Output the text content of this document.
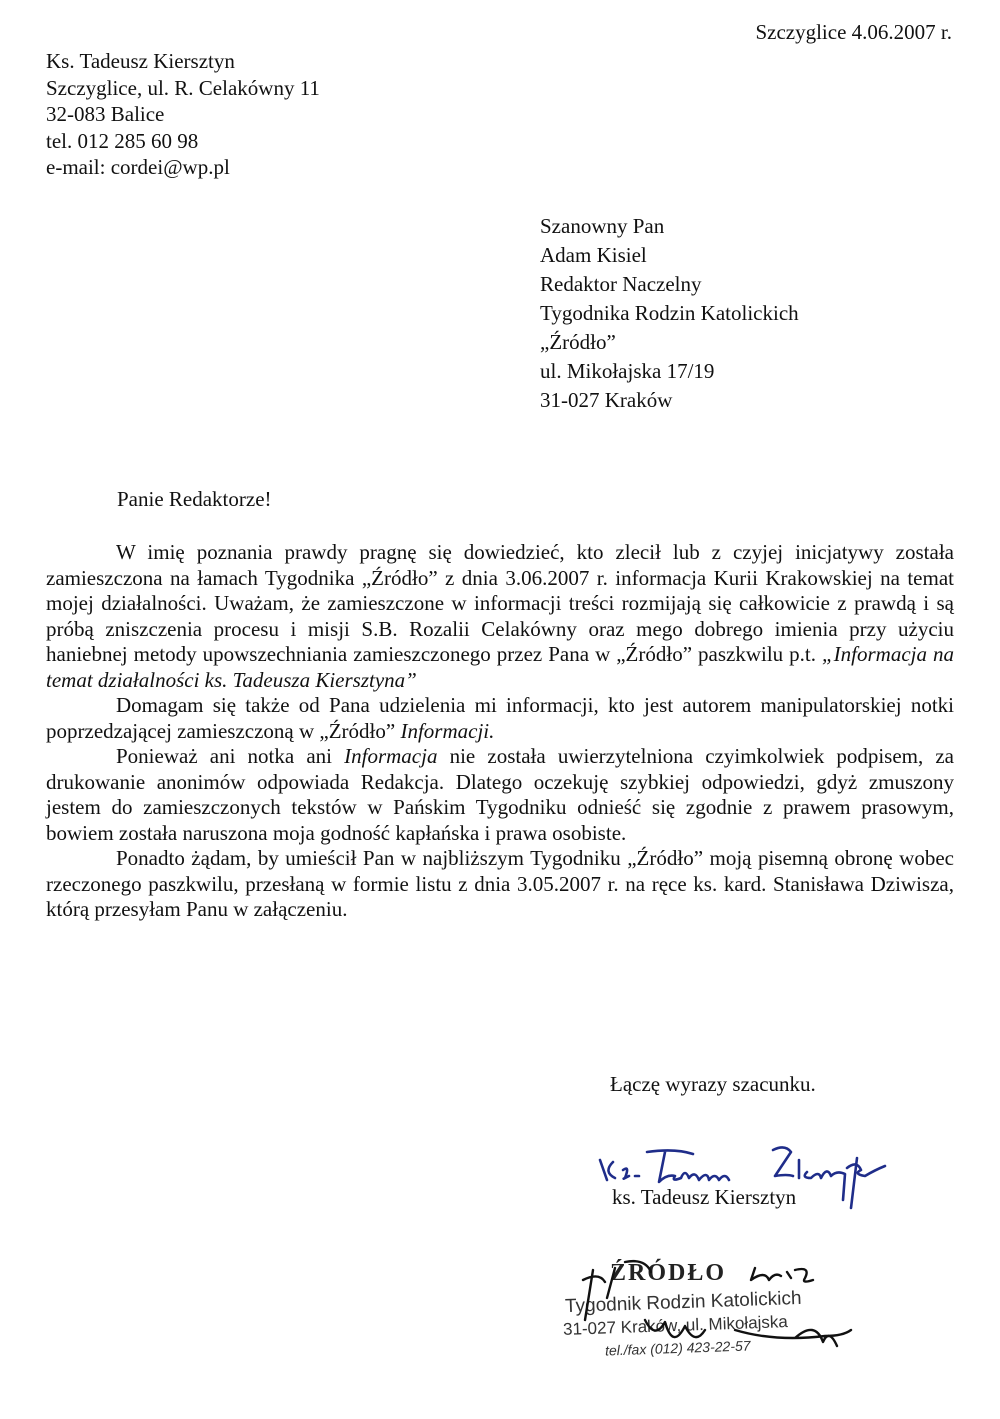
Szczyglice 4.06.2007 r.
Ks. Tadeusz Kiersztyn
Szczyglice, ul. R. Celakówny 11
32-083 Balice
tel. 012 285 60 98
e-mail: cordei@wp.pl
Szanowny Pan
Adam Kisiel
Redaktor Naczelny
Tygodnika Rodzin Katolickich
„Źródło”
ul. Mikołajska 17/19
31-027 Kraków
Panie Redaktorze!

W imię poznania prawdy pragnę się dowiedzieć, kto zlecił lub z czyjej inicjatywy została zamieszczona na łamach Tygodnika „Źródło” z dnia 3.06.2007 r. informacja Kurii Krakowskiej na temat mojej działalności. Uważam, że zamieszczone w informacji treści rozmijają się całkowicie z prawdą i są próbą zniszczenia procesu i misji S.B. Rozalii Celakówny oraz mego dobrego imienia przy użyciu haniebnej metody upowszechniania zamieszczonego przez Pana w „Źródło” paszkwilu p.t. „Informacja na temat działalności ks. Tadeusza Kiersztyna”

Domagam się także od Pana udzielenia mi informacji, kto jest autorem manipulatorskiej notki poprzedzającej zamieszczoną w „Źródło” Informacji.

Ponieważ ani notka ani Informacja nie została uwierzytelniona czyimkolwiek podpisem, za drukowanie anonimów odpowiada Redakcja. Dlatego oczekuję szybkiej odpowiedzi, gdyż zmuszony jestem do zamieszczonych tekstów w Pańskim Tygodniku odnieść się zgodnie z prawem prasowym, bowiem została naruszona moja godność kapłańska i prawa osobiste.

Ponadto żądam, by umieścił Pan w najbliższym Tygodniku „Źródło” moją pisemną obronę wobec rzeczonego paszkwilu, przesłaną w formie listu z dnia 3.05.2007 r. na ręce ks. kard. Stanisława Dziwisza, którą przesyłam Panu w załączeniu.

Łączę wyrazy szacunku.
ks. Tadeusz Kiersztyn
ŹRÓDŁO
Tygodnik Rodzin Katolickich
31-027 Kraków, ul. Mikołajska
tel./fax (012) 423-22-57
